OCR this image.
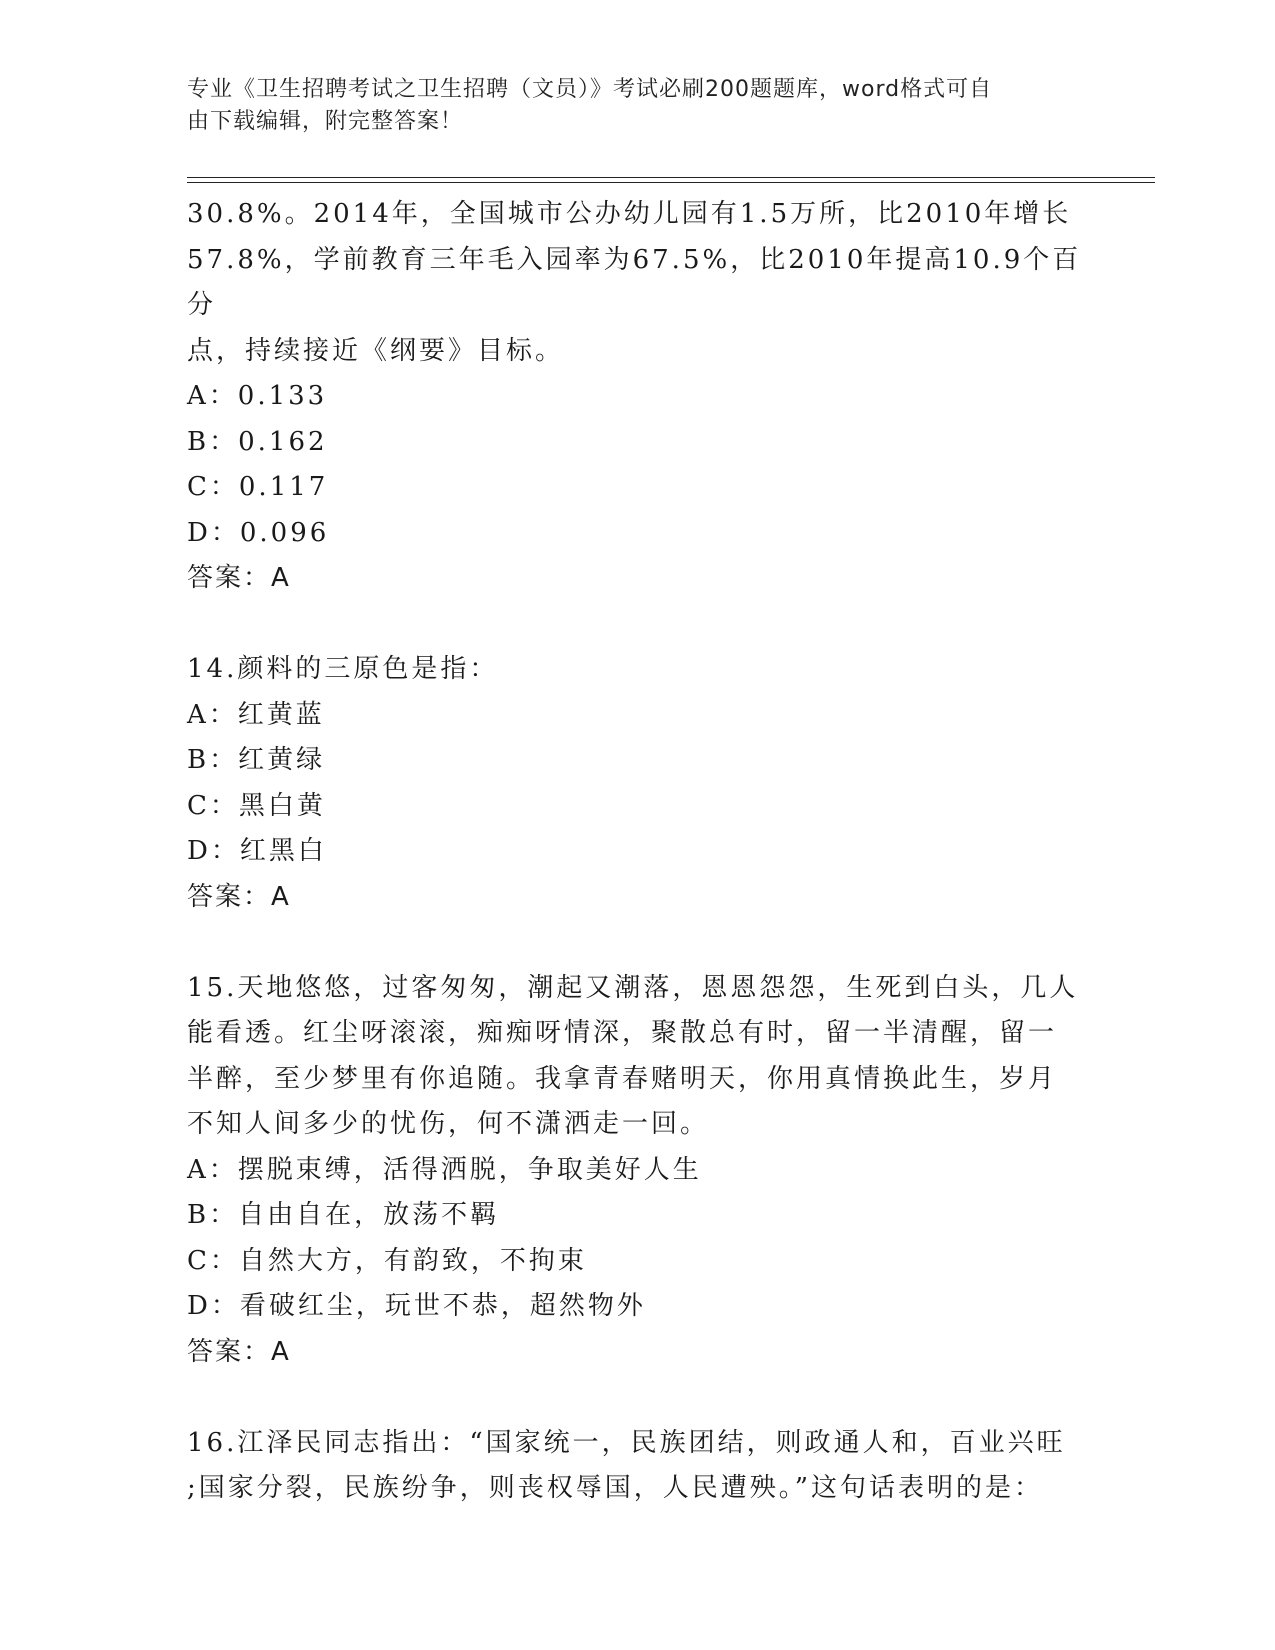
专业《卫生招聘考试之卫生招聘（文员）》考试必刷200题题库，word格式可自
由下载编辑，附完整答案！

30.8%。2014年，全国城市公办幼儿园有1.5万所，比2010年增长

57.8%，学前教育三年毛入园率为67.5%，比2010年提高10.9个百分

点，持续接近《纲要》目标。

A：0.133

B：0.162

C：0.117

D：0.096

答案：A

14.颜料的三原色是指：

A：红黄蓝

B：红黄绿

C：黑白黄

D：红黑白

答案：A

15.天地悠悠，过客匆匆，潮起又潮落，恩恩怨怨，生死到白头，几人

能看透。红尘呀滚滚，痴痴呀情深，聚散总有时，留一半清醒，留一

半醉，至少梦里有你追随。我拿青春赌明天，你用真情换此生，岁月

不知人间多少的忧伤，何不潇洒走一回。

A：摆脱束缚，活得洒脱，争取美好人生

B：自由自在，放荡不羁

C：自然大方，有韵致，不拘束

D：看破红尘，玩世不恭，超然物外

答案：A

16.江泽民同志指出：“国家统一，民族团结，则政通人和，百业兴旺

;国家分裂，民族纷争，则丧权辱国，人民遭殃。”这句话表明的是：
